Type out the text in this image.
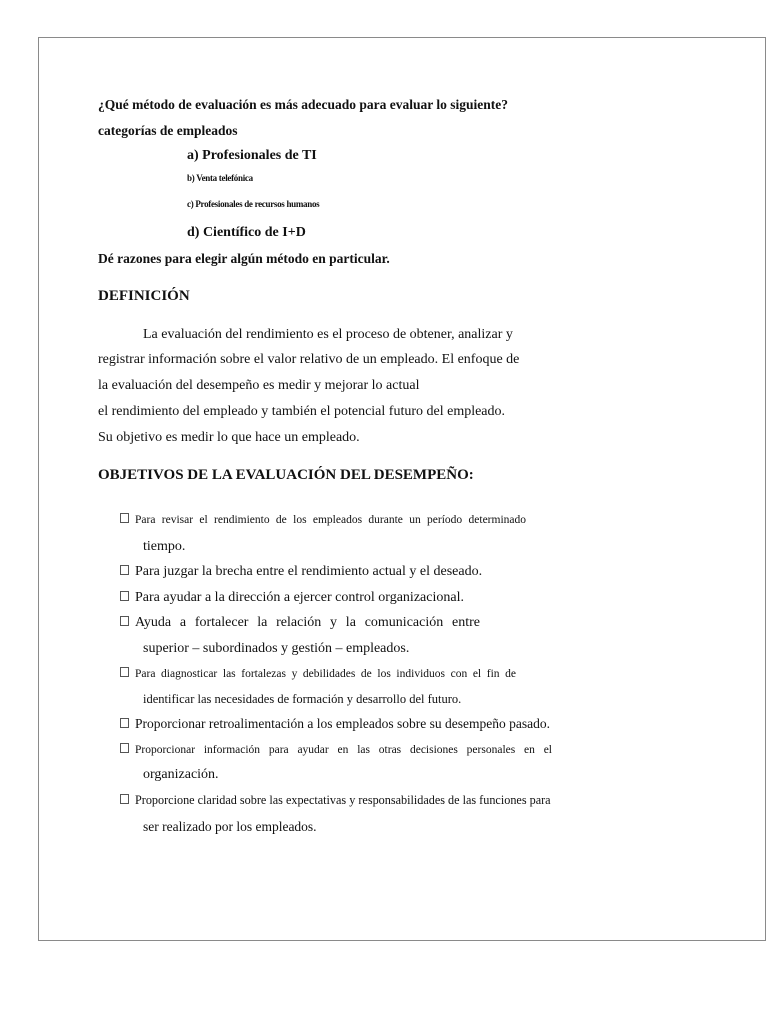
¿Qué método de evaluación es más adecuado para evaluar lo siguiente?
categorías de empleados
a) Profesionales de TI
b) Venta telefónica
c) Profesionales de recursos humanos
d) Científico de I+D
Dé razones para elegir algún método en particular.
DEFINICIÓN
La evaluación del rendimiento es el proceso de obtener, analizar y
registrar información sobre el valor relativo de un empleado. El enfoque de
la evaluación del desempeño es medir y mejorar lo actual
el rendimiento del empleado y también el potencial futuro del empleado.
Su objetivo es medir lo que hace un empleado.
OBJETIVOS DE LA EVALUACIÓN DEL DESEMPEÑO:
Para revisar el rendimiento de los empleados durante un período determinado
tiempo.
Para juzgar la brecha entre el rendimiento actual y el deseado.
Para ayudar a la dirección a ejercer control organizacional.
Ayuda a fortalecer la relación y la comunicación entre
superior – subordinados y gestión – empleados.
Para diagnosticar las fortalezas y debilidades de los individuos con el fin de
identificar las necesidades de formación y desarrollo del futuro.
Proporcionar retroalimentación a los empleados sobre su desempeño pasado.
Proporcionar información para ayudar en las otras decisiones personales en el
organización.
Proporcione claridad sobre las expectativas y responsabilidades de las funciones para
ser realizado por los empleados.
